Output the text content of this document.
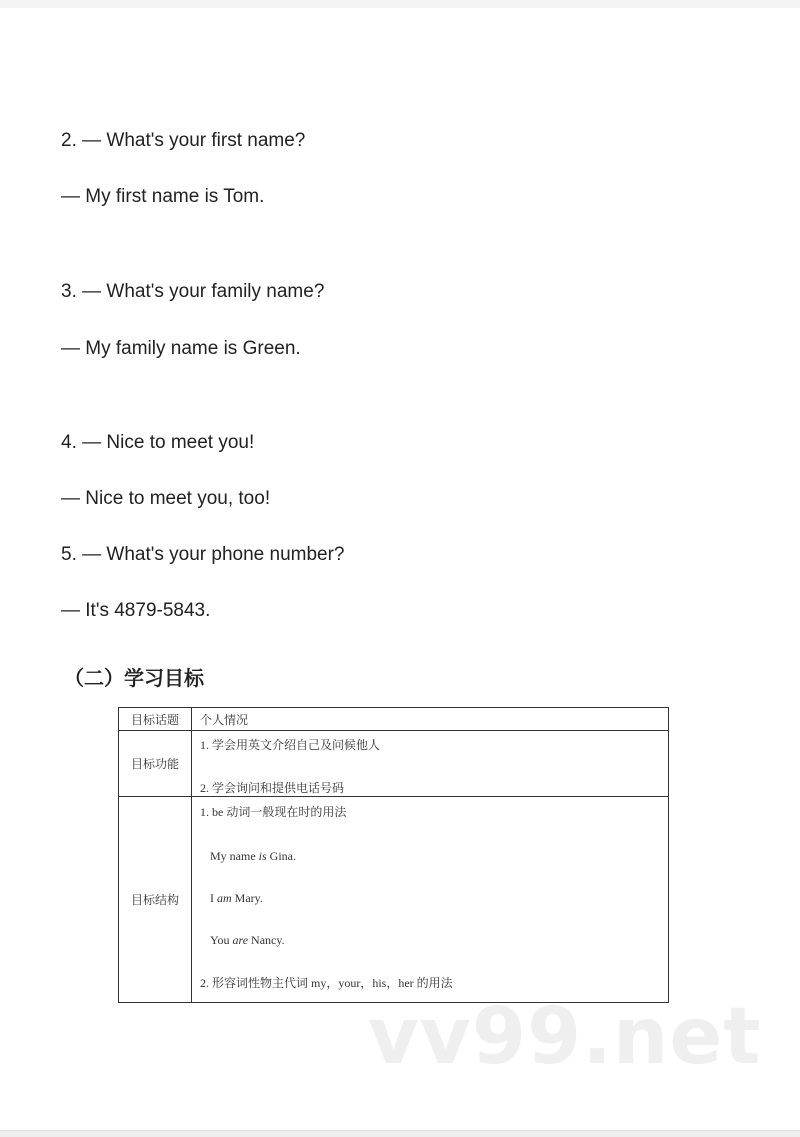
2. — What's your first name?
— My first name is Tom.
3. — What's your family name?
— My family name is Green.
4. — Nice to meet you!
— Nice to meet you, too!
5. — What's your phone number?
— It's 4879-5843.
（二）学习目标
目标话题	个人情况
目标功能	1. 学会用英文介绍自己及问候他人
2. 学会询问和提供电话号码

目标结构	1. be 动词一般现在时的用法
My name is Gina.
I am Mary.
You are Nancy.
2. 形容词性物主代词 my，your，his，her 的用法
vv99.net
